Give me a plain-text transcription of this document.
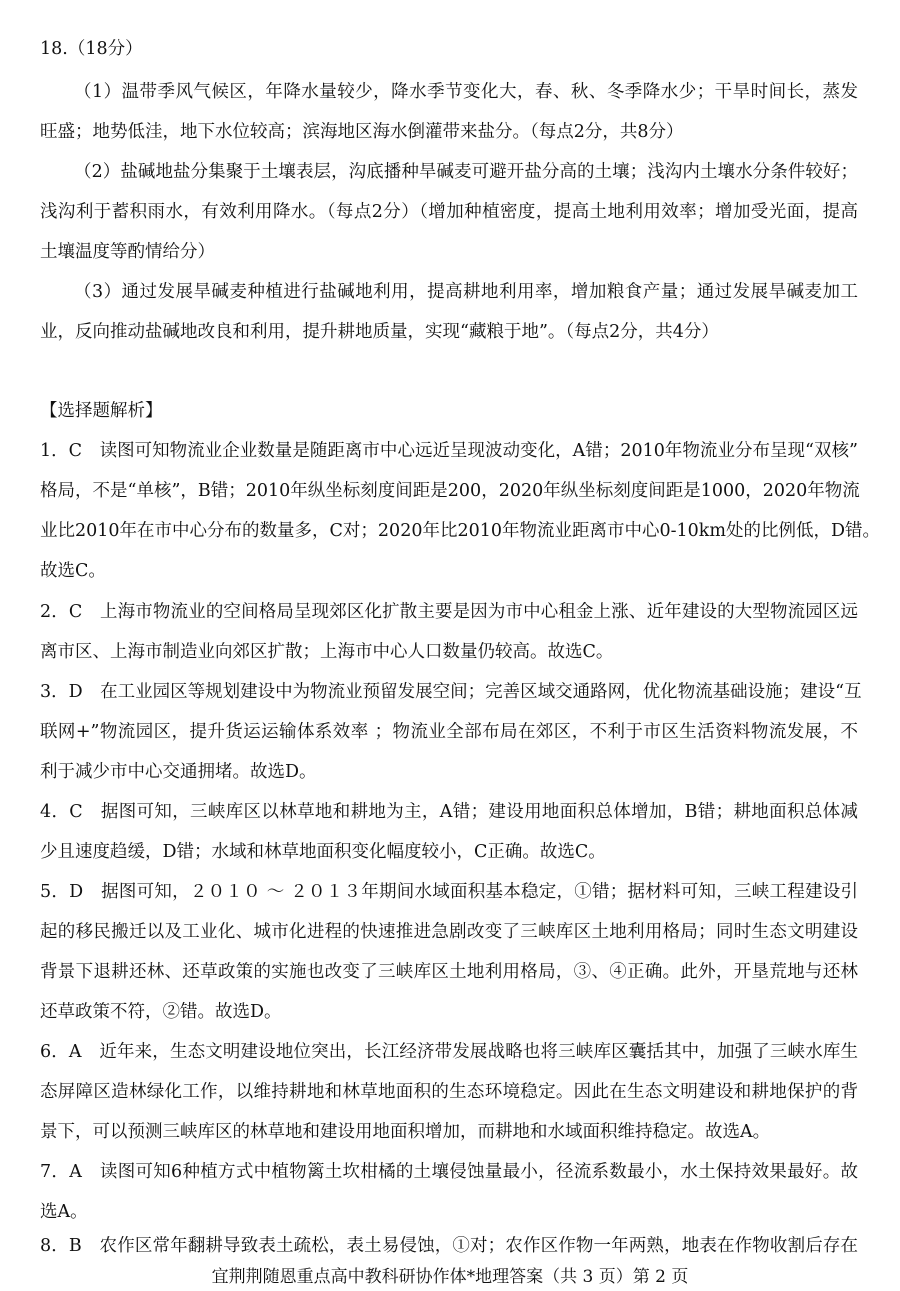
18.（18分）
（1）温带季风气候区，年降水量较少，降水季节变化大，春、秋、冬季降水少；干旱时间长，蒸发
旺盛；地势低洼，地下水位较高；滨海地区海水倒灌带来盐分。（每点2分，共8分）
（2）盐碱地盐分集聚于土壤表层，沟底播种旱碱麦可避开盐分高的土壤；浅沟内土壤水分条件较好；
浅沟利于蓄积雨水，有效利用降水。（每点2分）（增加种植密度，提高土地利用效率；增加受光面，提高
土壤温度等酌情给分）
（3）通过发展旱碱麦种植进行盐碱地利用，提高耕地利用率，增加粮食产量；通过发展旱碱麦加工
业，反向推动盐碱地改良和利用，提升耕地质量，实现“藏粮于地”。（每点2分，共4分）
【选择题解析】
1．C　读图可知物流业企业数量是随距离市中心远近呈现波动变化，A错；2010年物流业分布呈现“双核”
格局，不是“单核”，B错；2010年纵坐标刻度间距是200，2020年纵坐标刻度间距是1000，2020年物流
业比2010年在市中心分布的数量多，C对；2020年比2010年物流业距离市中心0-10km处的比例低，D错。
故选C。
2．C　上海市物流业的空间格局呈现郊区化扩散主要是因为市中心租金上涨、近年建设的大型物流园区远
离市区、上海市制造业向郊区扩散；上海市中心人口数量仍较高。故选C。
3．D　在工业园区等规划建设中为物流业预留发展空间；完善区域交通路网，优化物流基础设施；建设“互
联网+”物流园区，提升货运运输体系效率 ；物流业全部布局在郊区，不利于市区生活资料物流发展，不
利于减少市中心交通拥堵。故选D。
4．C　据图可知，三峡库区以林草地和耕地为主，A错；建设用地面积总体增加，B错；耕地面积总体减
少且速度趋缓，D错；水域和林草地面积变化幅度较小，C正确。故选C。
5．D　据图可知，２０１０ ～ ２０１３年期间水域面积基本稳定，①错；据材料可知，三峡工程建设引
起的移民搬迁以及工业化、城市化进程的快速推进急剧改变了三峡库区土地利用格局；同时生态文明建设
背景下退耕还林、还草政策的实施也改变了三峡库区土地利用格局，③、④正确。此外，开垦荒地与还林
还草政策不符，②错。故选D。
6．A　近年来，生态文明建设地位突出，长江经济带发展战略也将三峡库区囊括其中，加强了三峡水库生
态屏障区造林绿化工作，以维持耕地和林草地面积的生态环境稳定。因此在生态文明建设和耕地保护的背
景下，可以预测三峡库区的林草地和建设用地面积增加，而耕地和水域面积维持稳定。故选A。
7．A　读图可知6种植方式中植物篱土坎柑橘的土壤侵蚀量最小，径流系数最小，水土保持效果最好。故
选A。
8．B　农作区常年翻耕导致表土疏松，表土易侵蚀，①对；农作区作物一年两熟，地表在作物收割后存在
宜荆荆随恩重点高中教科研协作体*地理答案（共 3 页）第 2 页
